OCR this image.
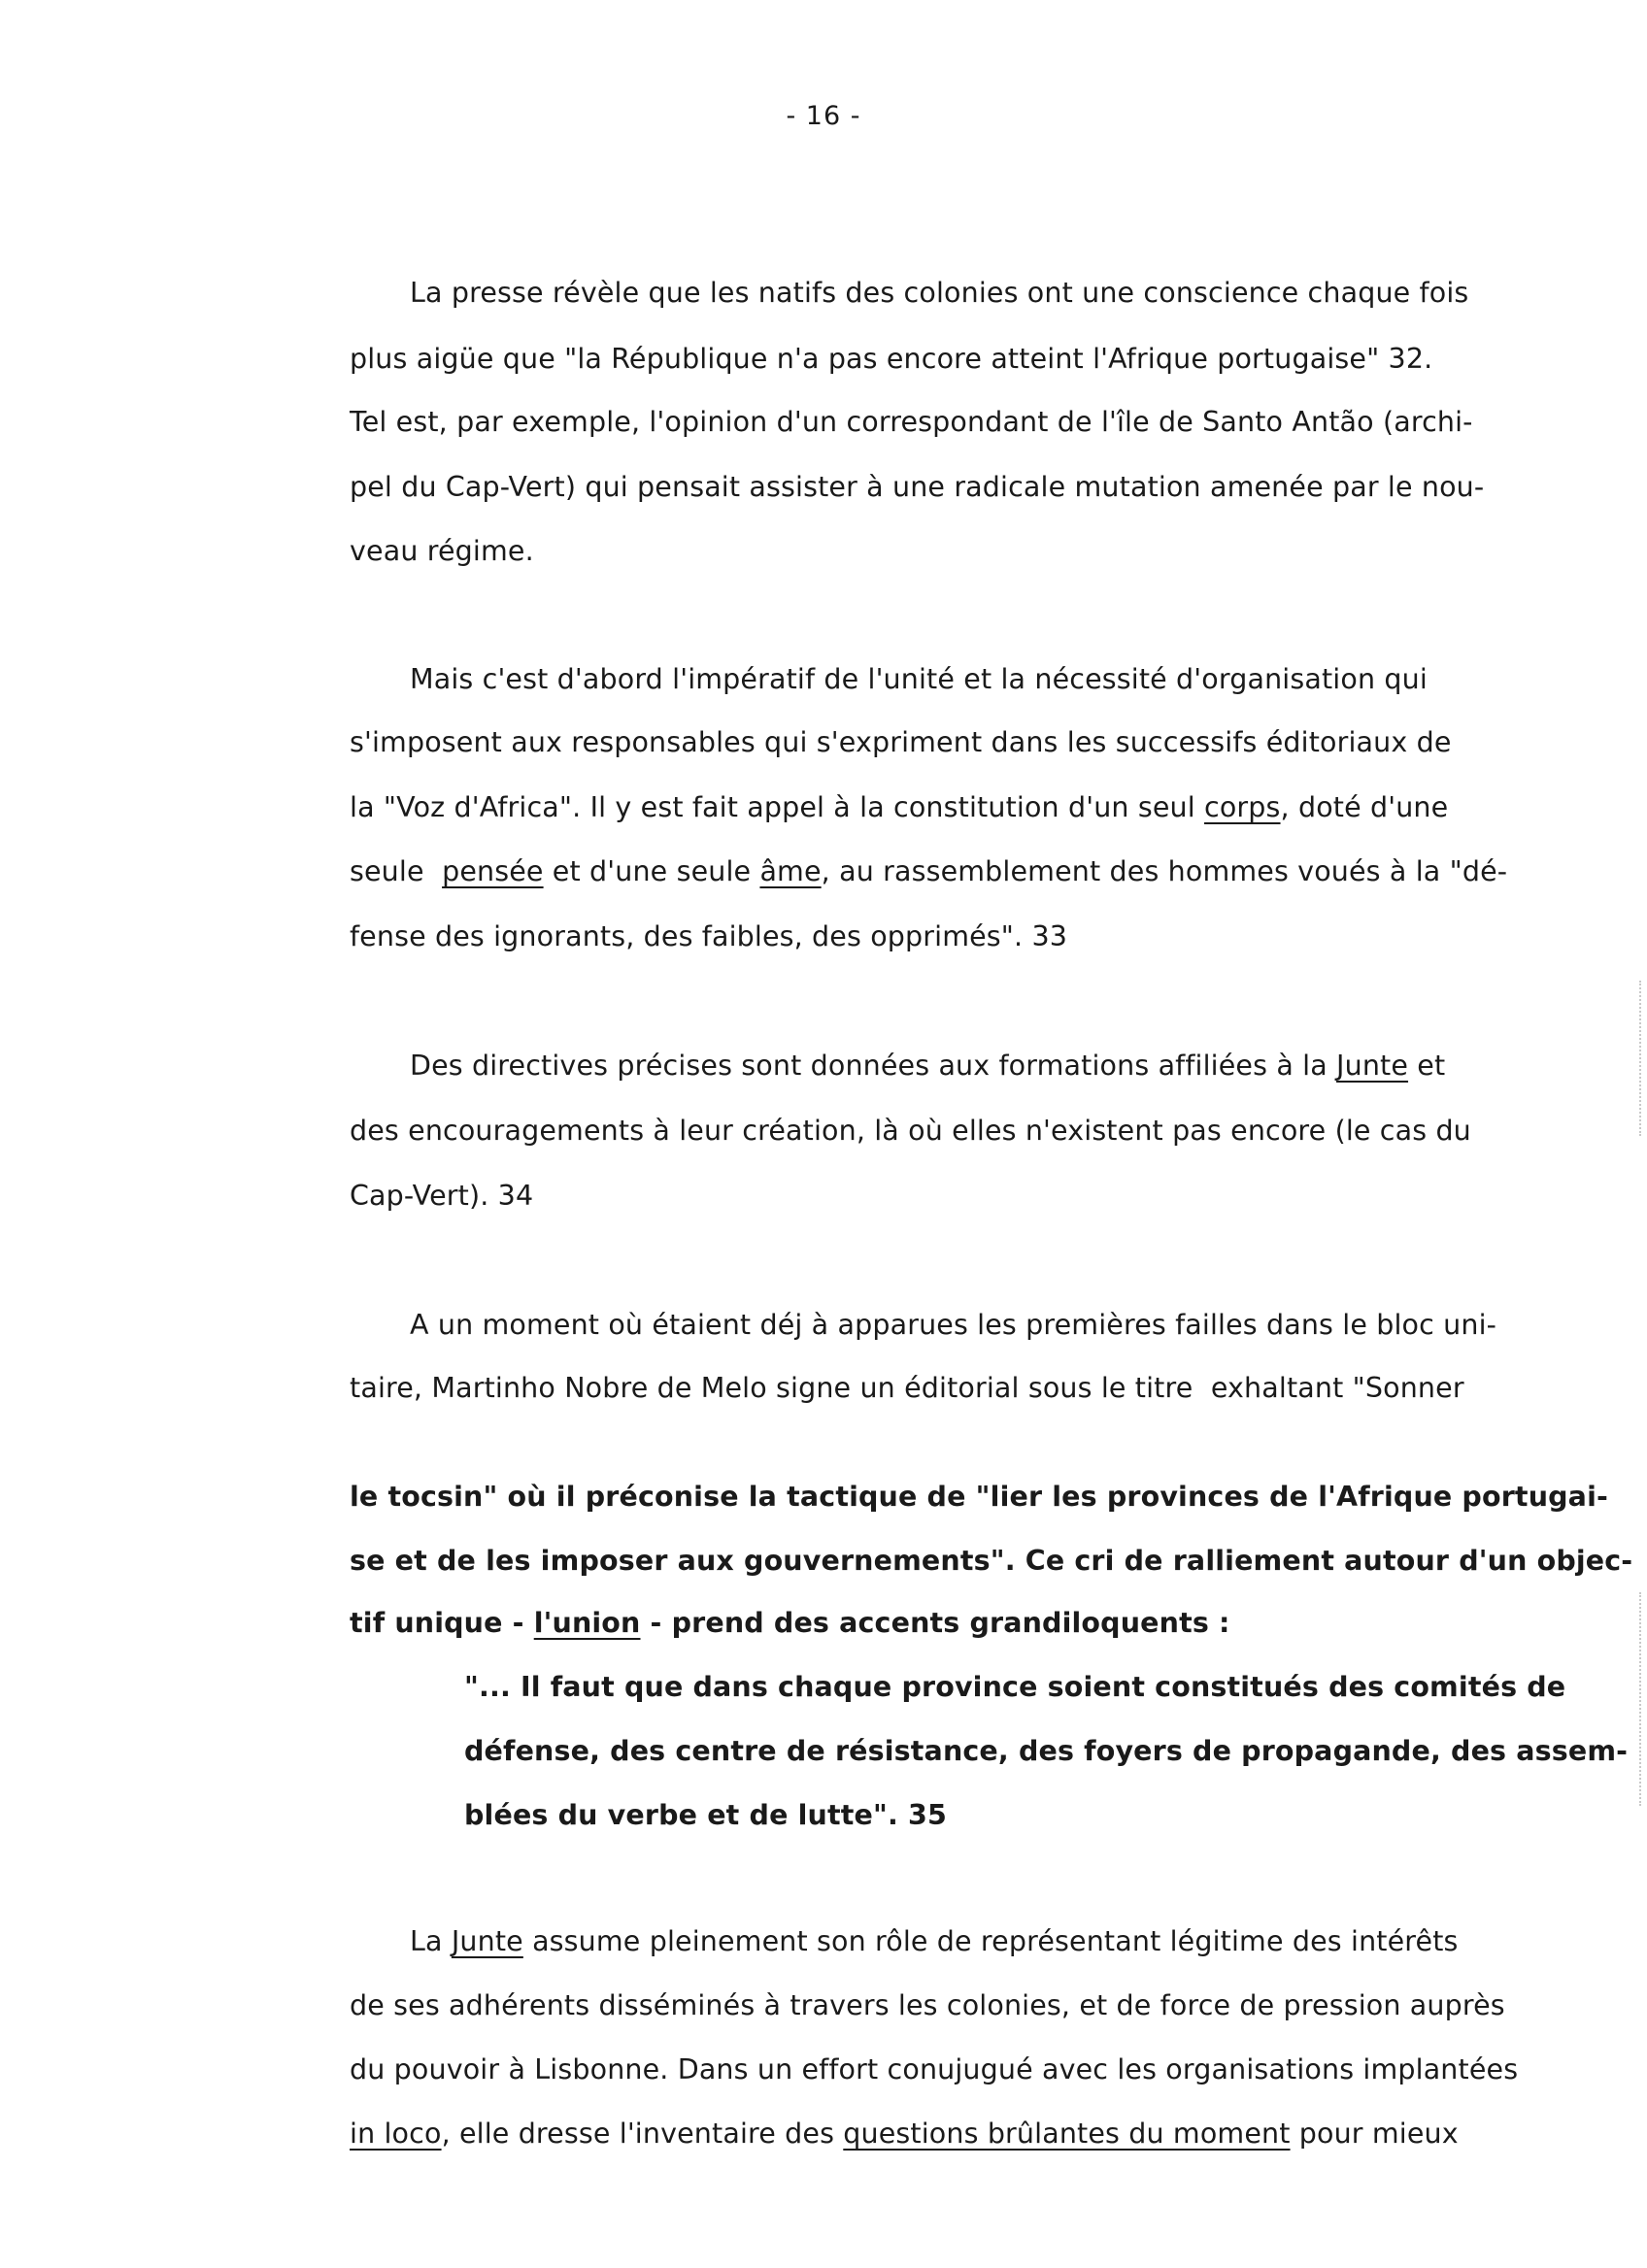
- 16 -
La presse révèle que les natifs des colonies ont une conscience chaque fois
plus aigüe que "la République n'a pas encore atteint l'Afrique portugaise" 32.
Tel est, par exemple, l'opinion d'un correspondant de l'île de Santo Antão (archi-
pel du Cap-Vert) qui pensait assister à une radicale mutation amenée par le nou-
veau régime.
Mais c'est d'abord l'impératif de l'unité et la nécessité d'organisation qui
s'imposent aux responsables qui s'expriment dans les successifs éditoriaux de
la "Voz d'Africa". Il y est fait appel à la constitution d'un seul corps, doté d'une
seule  pensée et d'une seule âme, au rassemblement des hommes voués à la "dé-
fense des ignorants, des faibles, des opprimés". 33
Des directives précises sont données aux formations affiliées à la Junte et
des encouragements à leur création, là où elles n'existent pas encore (le cas du
Cap-Vert). 34
A un moment où étaient déj à apparues les premières failles dans le bloc uni-
taire, Martinho Nobre de Melo signe un éditorial sous le titre  exhaltant "Sonner
le tocsin" où il préconise la tactique de "lier les provinces de l'Afrique portugai-
se et de les imposer aux gouvernements". Ce cri de ralliement autour d'un objec-
tif unique - l'union - prend des accents grandiloquents :
"... Il faut que dans chaque province soient constitués des comités de
défense, des centre de résistance, des foyers de propagande, des assem-
blées du verbe et de lutte". 35
La Junte assume pleinement son rôle de représentant légitime des intérêts
de ses adhérents disséminés à travers les colonies, et de force de pression auprès
du pouvoir à Lisbonne. Dans un effort conujugué avec les organisations implantées
in loco, elle dresse l'inventaire des questions brûlantes du moment pour mieux
